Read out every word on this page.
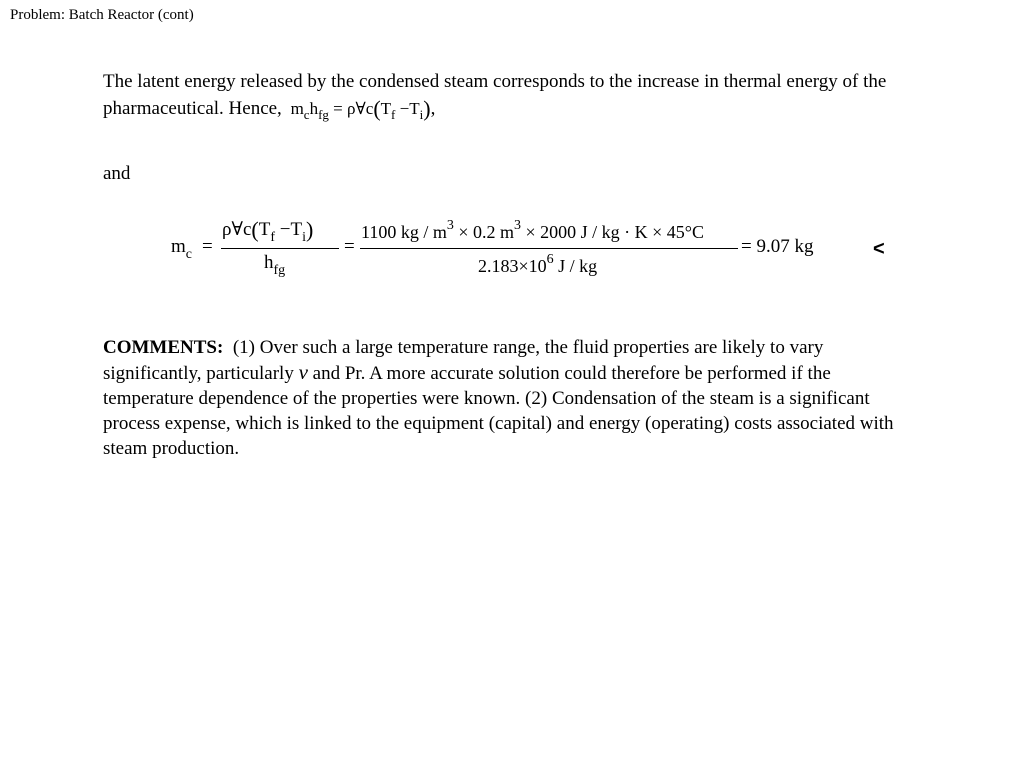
Problem: Batch Reactor (cont)
The latent energy released by the condensed steam corresponds to the increase in thermal energy of the pharmaceutical. Hence, $m_ch_{fg}$ = $\rho\forall c(T_f -T_i)$,
and
$m_c$ =
$\rho\forall c(T_f -T_i)$
$h_{fg}$
=
1100 kg / $m^3 \times 0.2$ $m^3 \times 2000$ J / kg · K × 45°C
$2.183\times 10^6$ J / kg
= 9.07 kg	<
COMMENTS: (1) Over such a large temperature range, the fluid properties are likely to vary significantly, particularly ν and Pr. A more accurate solution could therefore be performed if the temperature dependence of the properties were known. (2) Condensation of the steam is a significant process expense, which is linked to the equipment (capital) and energy (operating) costs associated with steam production.
